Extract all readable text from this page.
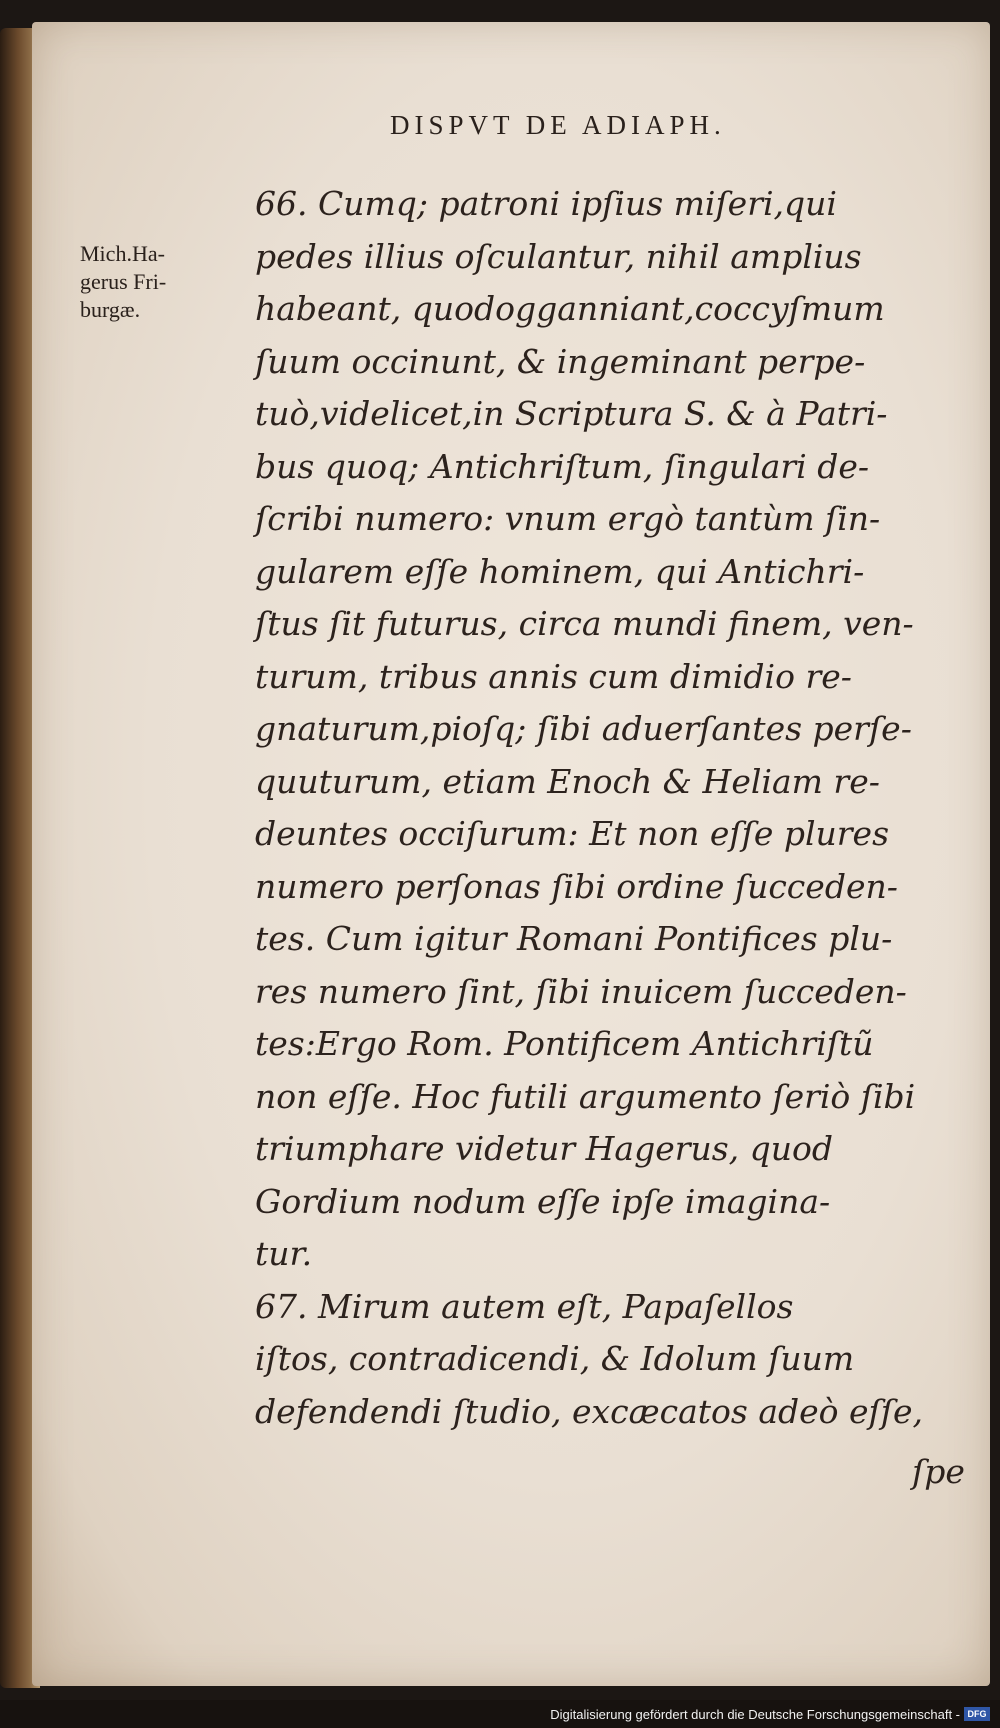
DISPVT DE ADIAPH.
Mich.Ha-
gerus Fri-
burgæ.
66. Cumq; patroni ipſius miſeri,qui
pedes illius oſculantur, nihil amplius
habeant, quodogganniant,coccyſmum
ſuum occinunt, & ingeminant perpe-
tuò,videlicet,in Scriptura S. & à Patri-
bus quoq; Antichriſtum, ſingulari de-
ſcribi numero: vnum ergò tantùm ſin-
gularem eſſe hominem, qui Antichri-
ſtus ſit futurus, circa mundi finem, ven-
turum, tribus annis cum dimidio re-
gnaturum,pioſq; ſibi aduerſantes perſe-
quuturum, etiam Enoch & Heliam re-
deuntes occiſurum: Et non eſſe plures
numero perſonas ſibi ordine ſucceden-
tes. Cum igitur Romani Pontifices plu-
res numero ſint, ſibi inuicem ſucceden-
tes:Ergo Rom. Pontificem Antichriſtũ
non eſſe. Hoc futili argumento ſeriò ſibi
triumphare videtur Hagerus, quod
Gordium nodum eſſe ipſe imagina-
tur.
67. Mirum autem eſt, Papaſellos
iſtos, contradicendi, & Idolum ſuum
defendendi ſtudio, excæcatos adeò eſſe,
ſpe
Digitalisierung gefördert durch die Deutsche Forschungsgemeinschaft - DFG
